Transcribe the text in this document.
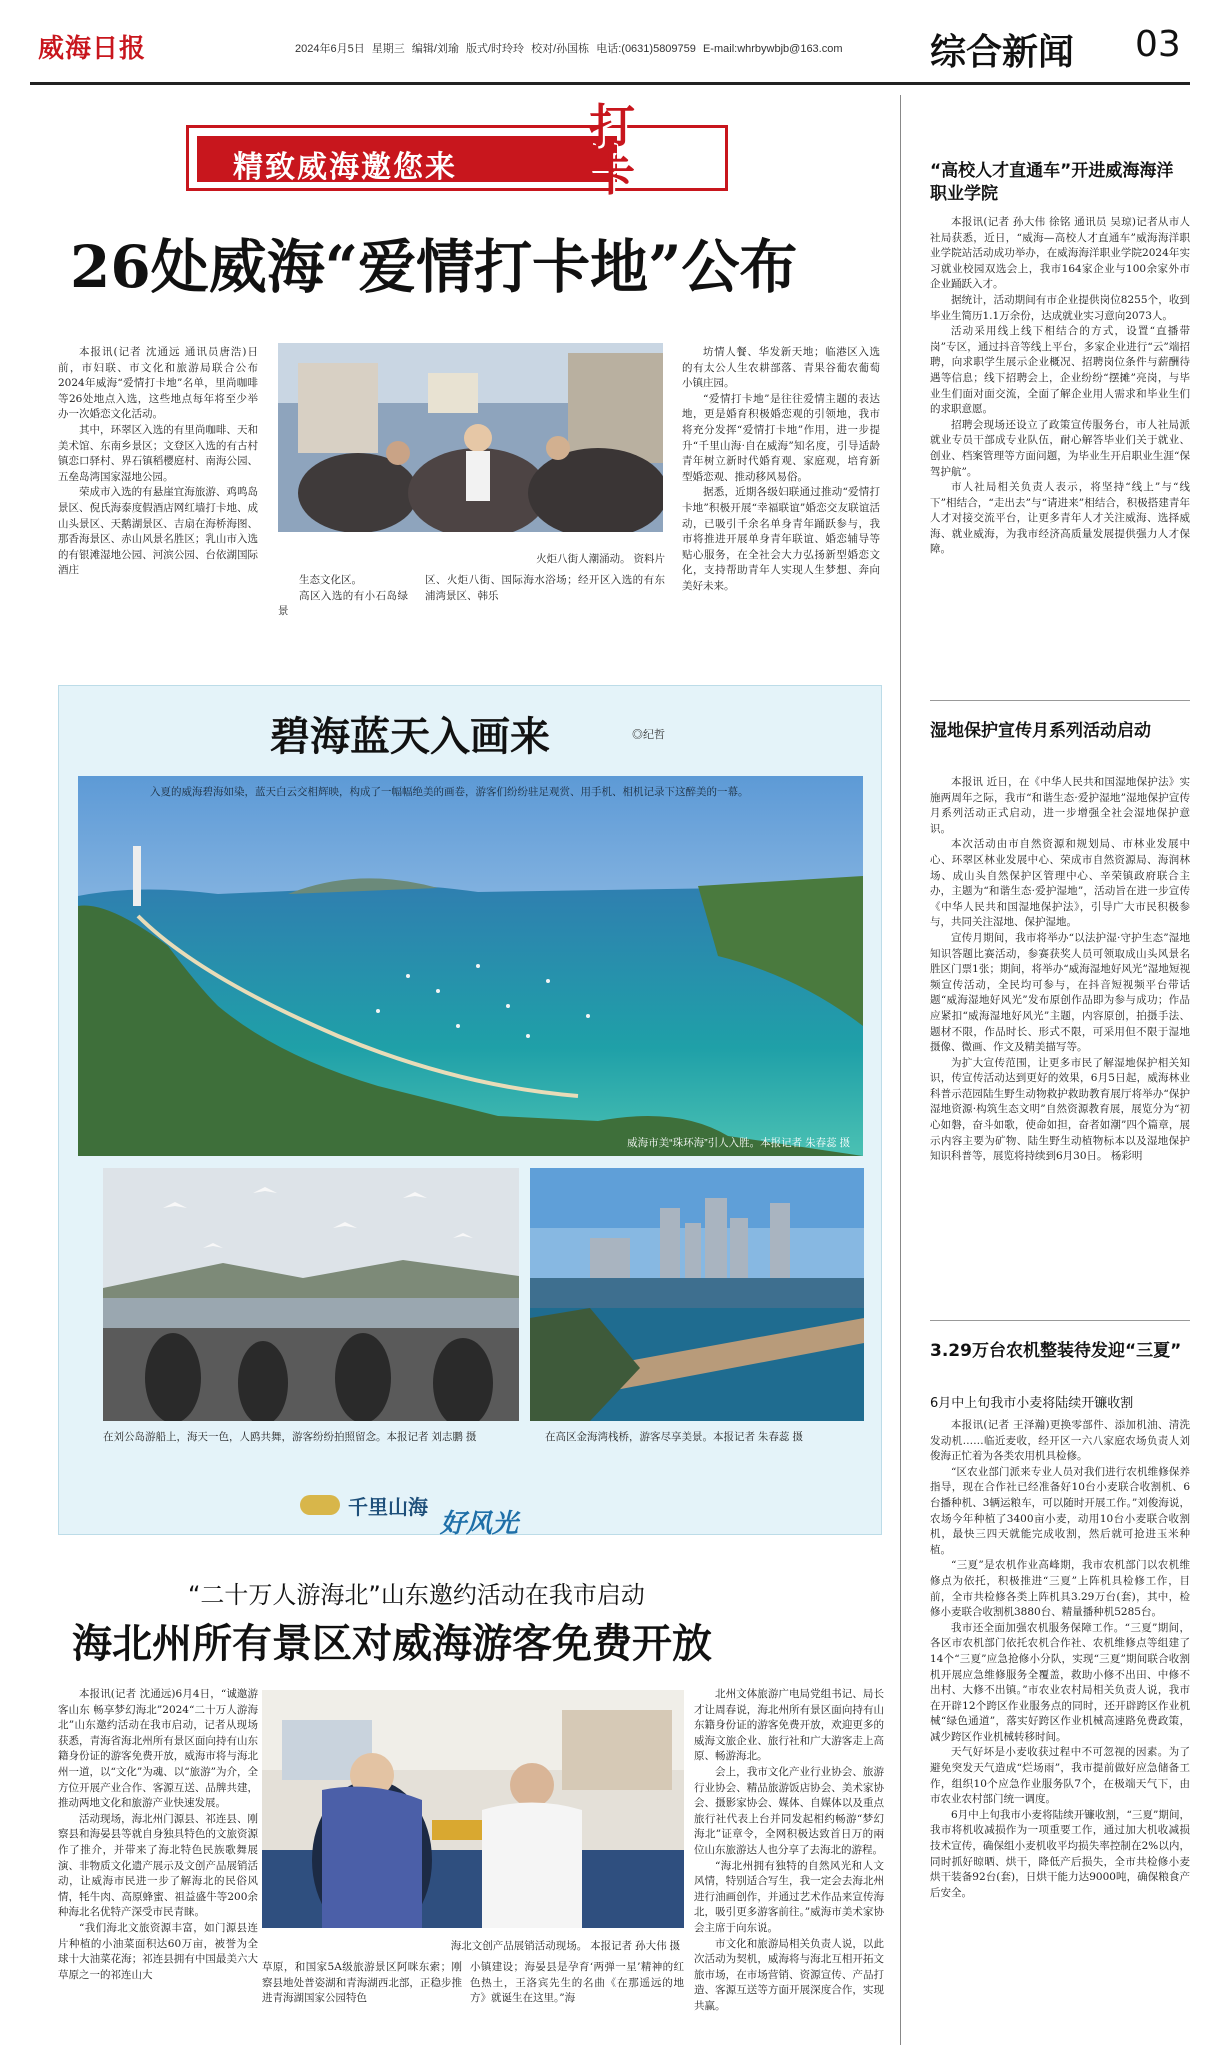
威海日报	2024年6月5日 星期三 编辑/刘瑜 版式/时玲玲 校对/孙国栋 电话:(0631)5809759 E-mail:whrbywbjb@163.com 综合新闻 03
精致威海邀您来
打卡
26处威海“爱情打卡地”公布

本报讯(记者 沈通远 通讯员唐浩)日前，市妇联、市文化和旅游局联合公布2024年威海“爱情打卡地”名单，里尚咖啡等26处地点入选，这些地点每年将至少举办一次婚恋文化活动。

其中，环翠区入选的有里尚咖啡、天和美术馆、东南乡景区；文登区入选的有古村镇恋口驿村、界石镇稻樱庭村、南海公园、五垒岛湾国家湿地公园。

荣成市入选的有悬崖宜海旅游、鸡鸣岛景区、倪氏海泰度假酒店网红墙打卡地、成山头景区、天鹅湖景区、吉扇在海桥海图、那香海景区、赤山风景名胜区；乳山市入选的有银滩湿地公园、河滨公园、台依湖国际酒庄

火炬八街人潮涌动。 资料片

生态文化区。

高区入选的有小石岛绿景

区、火炬八街、国际海水浴场；经开区入选的有东浦湾景区、韩乐

坊情人餐、华发新天地；临港区入选的有太公人生农耕部落、青果谷葡农葡萄小镇庄园。

“爱情打卡地”是往往爱情主题的表达地，更是婚育积极婚恋观的引领地，我市将充分发挥“爱情打卡地”作用，进一步提升“千里山海·自在威海”知名度，引导适龄青年树立新时代婚育观、家庭观，培育新型婚恋观、推动移风易俗。

据悉，近期各级妇联通过推动“爱情打卡地”积极开展“幸福联谊”婚恋交友联谊活动，已吸引千余名单身青年踊跃参与，我市将推进开展单身青年联谊、婚恋辅导等贴心服务，在全社会大力弘扬新型婚恋文化，支持帮助青年人实现人生梦想、奔向美好未来。

碧海蓝天入画来	◎纪哲
入夏的威海碧海如染，蓝天白云交相辉映，构成了一幅幅绝美的画卷，游客们纷纷驻足观赏、用手机、相机记录下这醉美的一幕。
威海市美“珠环海”引人入胜。本报记者 朱春蕊 摄
在刘公岛游船上，海天一色，人鸥共舞，游客纷纷拍照留念。本报记者 刘志鹏 摄	在高区金海湾栈桥，游客尽享美景。本报记者 朱春蕊 摄
千里山海
好风光
“二十万人游海北”山东邀约活动在我市启动
海北州所有景区对威海游客免费开放

本报讯(记者 沈通远)6月4日，“诚邀游客山东 畅享梦幻海北”2024“二十万人游海北”山东邀约活动在我市启动，记者从现场获悉，青海省海北州所有景区面向持有山东籍身份证的游客免费开放，威海市将与海北州一道，以“文化”为魂、以“旅游”为介，全方位开展产业合作、客源互送、品牌共建，推动两地文化和旅游产业快速发展。

活动现场，海北州门源县、祁连县、刚察县和海晏县等就自身独具特色的文旅资源作了推介，并带来了海北特色民族歌舞展演、非物质文化遗产展示及文创产品展销活动，让威海市民进一步了解海北的民俗风情，牦牛肉、高原蜂蜜、祖益盛牛等200余种海北名优特产深受市民青睐。

“我们海北文旅资源丰富，如门源县连片种植的小油菜面积达60万亩，被誉为全球十大油菜花海；祁连县拥有中国最美六大草原之一的祁连山大

海北文创产品展销活动现场。 本报记者 孙大伟 摄

草原，和国家5A级旅游景区阿咪东索；刚察县地处普姿湖和青海湖西北部，正稳步推进青海湖国家公园特色

小镇建设；海晏县是孕育‘两弹一星’精神的红色热土，王洛宾先生的名曲《在那遥远的地方》就诞生在这里。”海

北州文体旅游广电局党组书记、局长才让周春说，海北州所有景区面向持有山东籍身份证的游客免费开放，欢迎更多的威海文旅企业、旅行社和广大游客走上高原、畅游海北。

会上，我市文化产业行业协会、旅游行业协会、精品旅游饭店协会、美术家协会、摄影家协会、媒体、自媒体以及重点旅行社代表上台并同发起相约畅游“梦幻海北”证章令，全网积极达致首日万的兩位山东旅游达人也分享了去海北的游程。

“海北州拥有独特的自然风光和人文风情，特别适合写生，我一定会去海北州进行油画创作，并通过艺术作品来宣传海北，吸引更多游客前往。”威海市美术家协会主席于向东说。

市文化和旅游局相关负责人说，以此次活动为契机，威海将与海北互相开拓文旅市场，在市场营销、资源宣传、产品打造、客源互送等方面开展深度合作，实现共赢。

“高校人才直通车”开进威海海洋职业学院

本报讯(记者 孙大伟 徐铭 通讯员 吴琼)记者从市人社局获悉，近日，“威海—高校人才直通车”威海海洋职业学院站活动成功举办，在威海海洋职业学院2024年实习就业校园双选会上，我市164家企业与100余家外市企业踊跃入才。

据统计，活动期间有市企业提供岗位8255个，收到毕业生简历1.1万余份，达成就业实习意向2073人。

活动采用线上线下相结合的方式，设置“直播带岗”专区，通过抖音等线上平台，多家企业进行“云”端招聘，向求职学生展示企业概况、招聘岗位条件与薪酬待遇等信息；线下招聘会上，企业纷纷“摆摊”亮岗，与毕业生们面对面交流，全面了解企业用人需求和毕业生们的求职意愿。

招聘会现场还设立了政策宣传服务台，市人社局派就业专员干部成专业队伍，耐心解答毕业们关于就业、创业、档案管理等方面问题，为毕业生开启职业生涯“保驾护航”。

市人社局相关负责人表示，将坚持“线上”与“线下”相结合，“走出去”与“请进来”相结合，积极搭建青年人才对接交流平台，让更多青年人才关注威海、选择威海、就业威海，为我市经济高质量发展提供强力人才保障。

湿地保护宣传月系列活动启动

本报讯 近日，在《中华人民共和国湿地保护法》实施两周年之际，我市“和谐生态·爱护湿地”湿地保护宣传月系列活动正式启动，进一步增强全社会湿地保护意识。

本次活动由市自然资源和规划局、市林业发展中心、环翠区林业发展中心、荣成市自然资源局、海润林场、成山头自然保护区管理中心、辛荣镇政府联合主办，主题为“和谐生态·爱护湿地”，活动旨在进一步宣传《中华人民共和国湿地保护法》，引导广大市民积极参与，共同关注湿地、保护湿地。

宣传月期间，我市将举办“以法护湿·守护生态”湿地知识答题比赛活动，参赛获奖人员可领取成山头风景名胜区门票1张；期间，将举办“威海湿地好风光”湿地短视频宣传活动，全民均可参与，在抖音短视频平台带话题“威海湿地好风光”发布原创作品即为参与成功；作品应紧扣“威海湿地好风光”主题，内容原创，拍摄手法、题材不限，作品时长、形式不限，可采用但不限于湿地摄像、微画、作文及精美描写等。

为扩大宣传范围，让更多市民了解湿地保护相关知识，传宣传活动达到更好的效果，6月5日起，威海林业科普示范园陆生野生动物救护救助教育展厅将举办“保护湿地资源·构筑生态文明”自然资源教育展，展览分为“初心如磐，奋斗如歌，使命如担，奋者如潮”四个篇章，展示内容主要为矿物、陆生野生动植物标本以及湿地保护知识科普等，展览将持续到6月30日。 杨彩明

3.29万台农机整装待发迎“三夏”
6月中上旬我市小麦将陆续开镰收割

本报讯(记者 王泽瀚)更换零部件、添加机油、清洗发动机……临近麦收，经开区一六八家庭农场负责人刘俊海正忙着为各类农用机具检修。

“区农业部门派来专业人员对我们进行农机维修保养指导，现在合作社已经准备好10台小麦联合收割机、6台播种机、3辆运粮车，可以随时开展工作。”刘俊海说，农场今年种植了3400亩小麦，动用10台小麦联合收割机，最快三四天就能完成收割，然后就可抢进玉米种植。

“三夏”是农机作业高峰期，我市农机部门以农机维修点为依托，积极推进“三夏”上阵机具检修工作，目前，全市共检修各类上阵机具3.29万台(套)，其中，检修小麦联合收割机3880台、精量播种机5285台。

我市还全面加强农机服务保障工作。“三夏”期间，各区市农机部门依托农机合作社、农机维修点等组建了14个“三夏”应急抢修小分队，实现“三夏”期间联合收割机开展应急维修服务全覆盖，救助小修不出田、中修不出村、大修不出镇。”市农业农村局相关负责人说，我市在开辟12个跨区作业服务点的同时，还开辟跨区作业机械“绿色通道”，落实好跨区作业机械高速路免费政策，减少跨区作业机械转移时间。

天气好坏是小麦收获过程中不可忽视的因素。为了避免突发天气造成“烂场雨”，我市提前做好应急储备工作，组织10个应急作业服务队7个，在极端天气下，由市农业农村部门统一调度。

6月中上旬我市小麦将陆续开镰收割，“三夏”期间，我市将机收减损作为一项重要工作，通过加大机收减损技术宣传，确保组小麦机收平均损失率控制在2%以内，同时抓好晾晒、烘干，降低产后损失，全市共检修小麦烘干装备92台(套)，日烘干能力达9000吨，确保粮食产后安全。
